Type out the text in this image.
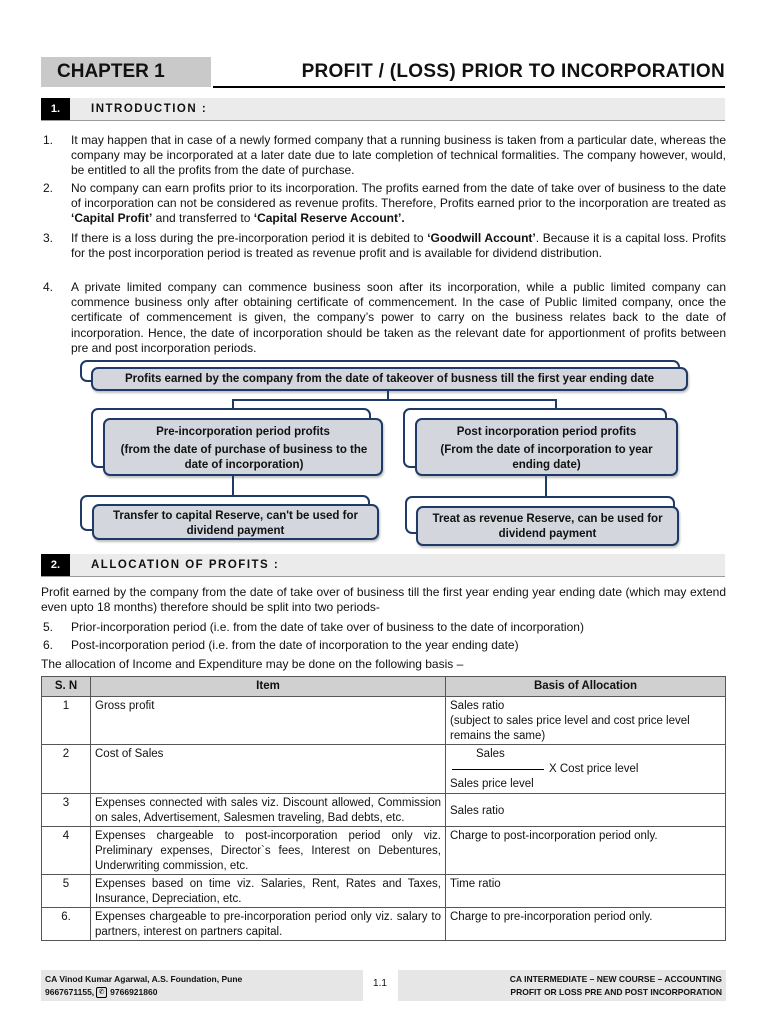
CHAPTER 1	PROFIT / (LOSS) PRIOR TO INCORPORATION
1.	INTRODUCTION :
1. It may happen that in case of a newly formed company that a running business is taken from a particular date, whereas the company may be incorporated at a later date due to late completion of technical formalities. The company however, would, be entitled to all the profits from the date of purchase.
2. No company can earn profits prior to its incorporation. The profits earned from the date of take over of business to the date of incorporation can not be considered as revenue profits. Therefore, Profits earned prior to the incorporation are treated as ‘Capital Profit’ and transferred to ‘Capital Reserve Account’.
3. If there is a loss during the pre-incorporation period it is debited to ‘Goodwill Account’. Because it is a capital loss. Profits for the post incorporation period is treated as revenue profit and is available for dividend distribution.
4. A private limited company can commence business soon after its incorporation, while a public limited company can commence business only after obtaining certificate of commencement. In the case of Public limited company, once the certificate of commencement is given, the company’s power to carry on the business relates back to the date of incorporation. Hence, the date of incorporation should be taken as the relevant date for apportionment of profits between pre and post incorporation periods.
Profits earned by the company from the date of takeover of busness till the first year ending date
Pre-incorporation period profits
(from the date of purchase of business to the date of incorporation)
Post incorporation period profits
(From the date of incorporation to year ending date)
Transfer to capital Reserve, can't be used for dividend payment
Treat as revenue Reserve, can be used for dividend payment
2.	ALLOCATION OF PROFITS :
Profit earned by the company from the date of take over of business till the first year ending year ending date (which may extend even upto 18 months) therefore should be split into two periods-
5. Prior-incorporation period (i.e. from the date of take over of business to the date of incorporation)
6. Post-incorporation period (i.e. from the date of incorporation to the year ending date)
The allocation of Income and Expenditure may be done on the following basis –
S. N	Item	Basis of Allocation
1	Gross profit	Sales ratio
(subject to sales price level and cost price level remains the same)

2	Cost of Sales	Sales
X Cost price level
Sales price level

3	Expenses connected with sales viz. Discount allowed, Commission on sales, Advertisement, Salesmen traveling, Bad debts, etc.	Sales ratio
4	Expenses chargeable to post-incorporation period only viz. Preliminary expenses, Director`s fees, Interest on Debentures, Underwriting commission, etc.	Charge to post-incorporation period only.
5	Expenses based on time viz. Salaries, Rent, Rates and Taxes, Insurance, Depreciation, etc.	Time ratio
6.	Expenses chargeable to pre-incorporation period only viz. salary to partners, interest on partners capital.	Charge to pre-incorporation period only.
CA Vinod Kumar Agarwal, A.S. Foundation, Pune
9667671155, ✆ 9766921860
1.1	CA INTERMEDIATE – NEW COURSE – ACCOUNTING
PROFIT OR LOSS PRE AND POST INCORPORATION
